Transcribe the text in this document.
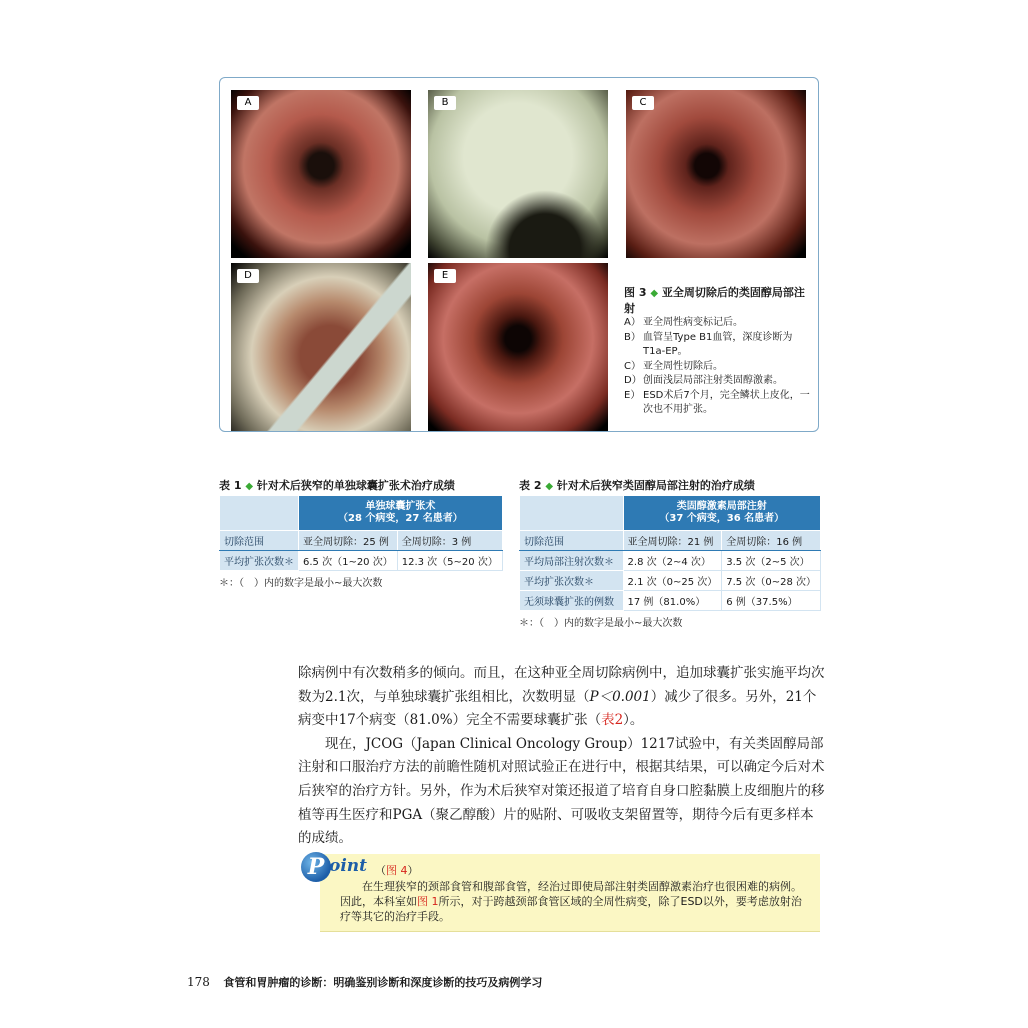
A	B	C
D	E
图 3 ◆ 亚全周切除后的类固醇局部注射
A） 亚全周性病变标记后。
B） 血管呈Type B1血管，深度诊断为T1a-EP。
C） 亚全周性切除后。
D） 创面浅层局部注射类固醇激素。
E） ESD术后7个月，完全鳞状上皮化，一次也不用扩张。
表 1 ◆ 针对术后狭窄的单独球囊扩张术治疗成绩

	单独球囊扩张术
（28 个病变，27 名患者）	

切除范围	亚全周切除：25 例	全周切除：3 例
平均扩张次数＊	6.5 次（1~20 次）	12.3 次（5~20 次）
＊：（　）内的数字是最小~最大次数
表 2 ◆ 针对术后狭窄类固醇局部注射的治疗成绩

	类固醇激素局部注射
（37 个病变，36 名患者）	

切除范围	亚全周切除：21 例	全周切除：16 例
平均局部注射次数＊	2.8 次（2~4 次）	3.5 次（2~5 次）
平均扩张次数＊	2.1 次（0~25 次）	7.5 次（0~28 次）
无须球囊扩张的例数	17 例（81.0%）	6 例（37.5%）
＊：（　）内的数字是最小~最大次数

除病例中有次数稍多的倾向。而且，在这种亚全周切除病例中，追加球囊扩张实施平均次数为2.1次，与单独球囊扩张组相比，次数明显（P＜0.001）减少了很多。另外，21个病变中17个病变（81.0%）完全不需要球囊扩张（表2）。

现在，JCOG（Japan Clinical Oncology Group）1217试验中，有关类固醇局部注射和口服治疗方法的前瞻性随机对照试验正在进行中，根据其结果，可以确定今后对术后狭窄的治疗方针。另外，作为术后狭窄对策还报道了培育自身口腔黏膜上皮细胞片的移植等再生医疗和PGA（聚乙醇酸）片的贴附、可吸收支架留置等，期待今后有更多样本的成绩。

P oint （图 4）
在生理狭窄的颈部食管和腹部食管，经治过即使局部注射类固醇激素治疗也很困难的病例。因此，本科室如图 1所示，对于跨越颈部食管区域的全周性病变，除了ESD以外，要考虑放射治疗等其它的治疗手段。
178 食管和胃肿瘤的诊断：明确鉴别诊断和深度诊断的技巧及病例学习
